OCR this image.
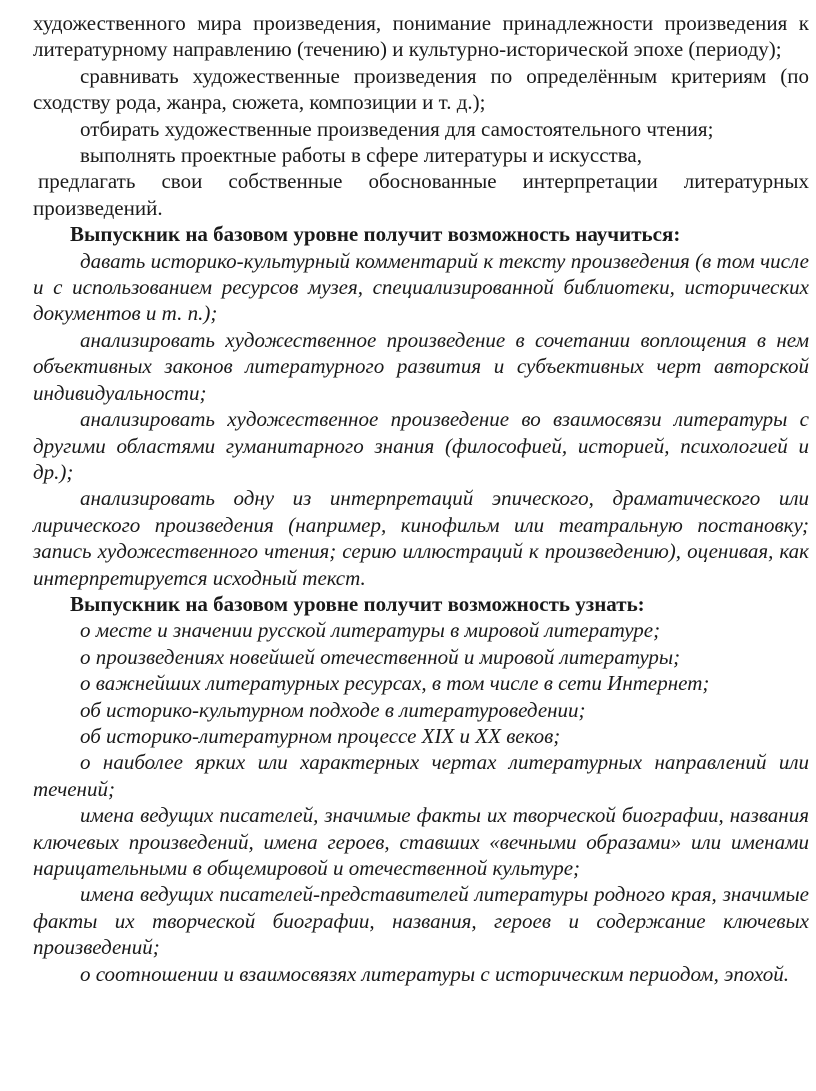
художественного мира произведения, понимание принадлежности произведения к литературному направлению (течению) и культурно-исторической эпохе (периоду);

сравнивать художественные произведения по определённым критериям (по сходству рода, жанра, сюжета, композиции и т. д.);

отбирать художественные произведения для самостоятельного чтения;

выполнять проектные работы в сфере литературы и искусства,

предлагать свои собственные обоснованные интерпретации литературных произведений.

Выпускник на базовом уровне получит возможность научиться:

давать историко-культурный комментарий к тексту произведения (в том числе и с использованием ресурсов музея, специализированной библиотеки, исторических документов и т. п.);

анализировать художественное произведение в сочетании воплощения в нем объективных законов литературного развития и субъективных черт авторской индивидуальности;

анализировать художественное произведение во взаимосвязи литературы с другими областями гуманитарного знания (философией, историей, психологией и др.);

анализировать одну из интерпретаций эпического, драматического или лирического произведения (например, кинофильм или театральную постановку; запись художественного чтения; серию иллюстраций к произведению), оценивая, как интерпретируется исходный текст.

Выпускник на базовом уровне получит возможность узнать:

о месте и значении русской литературы в мировой литературе;

о произведениях новейшей отечественной и мировой литературы;

о важнейших литературных ресурсах, в том числе в сети Интернет;

об историко-культурном подходе в литературоведении;

об историко-литературном процессе XIX и XX веков;

о наиболее ярких или характерных чертах литературных направлений или течений;

имена ведущих писателей, значимые факты их творческой биографии, названия ключевых произведений, имена героев, ставших «вечными образами» или именами нарицательными в общемировой и отечественной культуре;

имена ведущих писателей-представителей литературы родного края, значимые факты их творческой биографии, названия, героев и содержание ключевых произведений;

о соотношении и взаимосвязях литературы с историческим периодом, эпохой.
